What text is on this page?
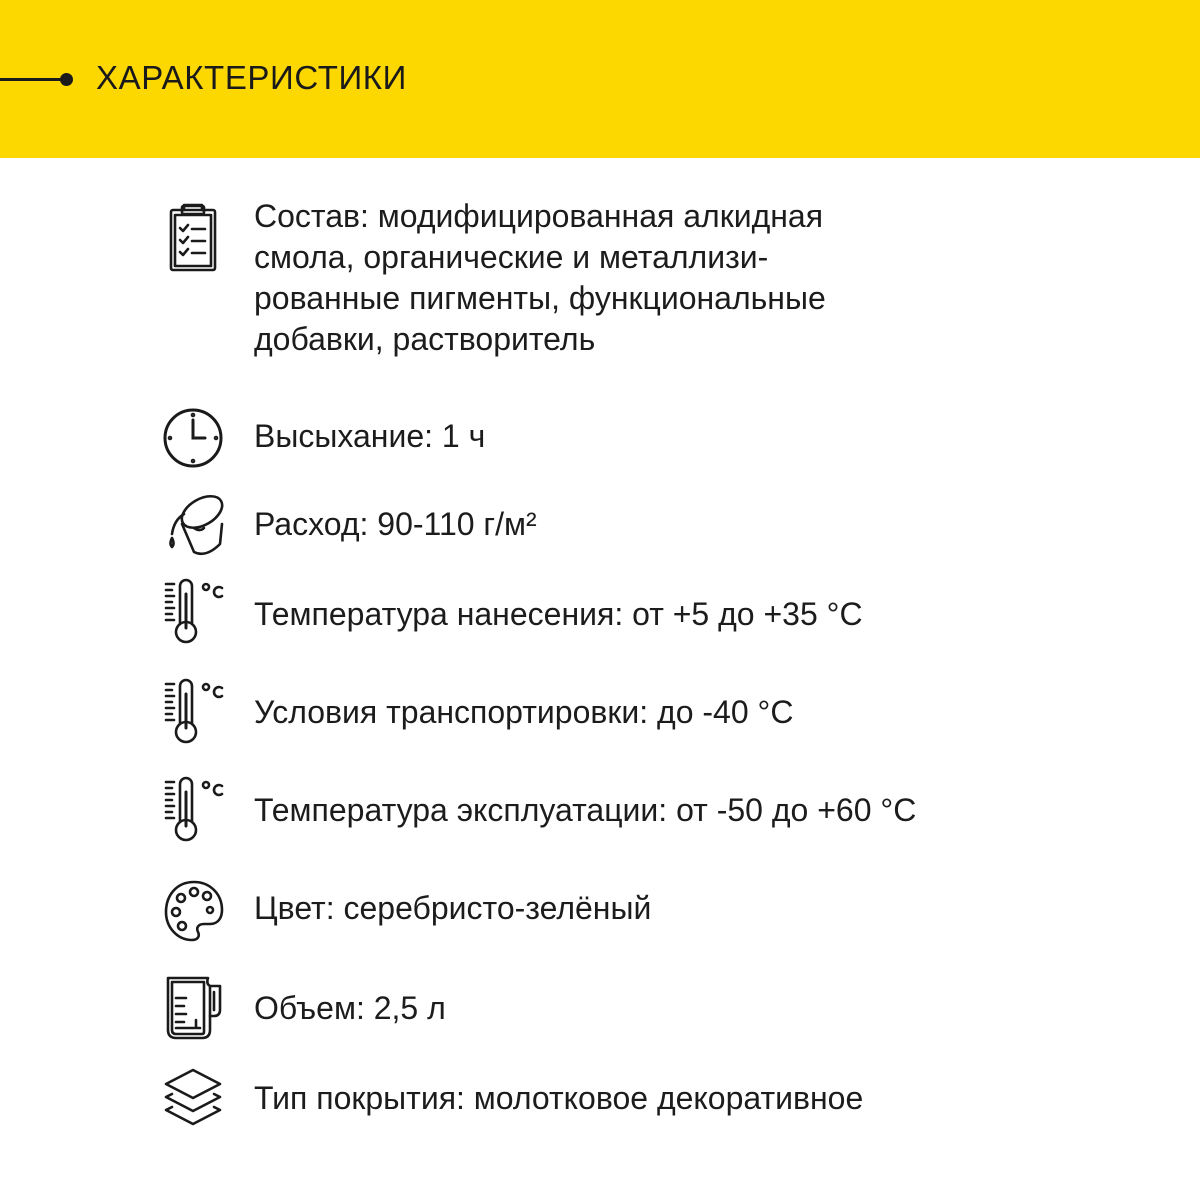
ХАРАКТЕРИСТИКИ
Состав: модифицированная алкидная
смола, органические и металлизи-
рованные пигменты, функциональные
добавки, растворитель
Высыхание: 1 ч
Расход: 90-110 г/м²
Температура нанесения: от +5 до +35 °С
Условия транспортировки: до -40 °С
Температура эксплуатации: от -50 до +60 °С
Цвет: серебристо-зелёный
Объем: 2,5 л
Тип покрытия: молотковое декоративное
